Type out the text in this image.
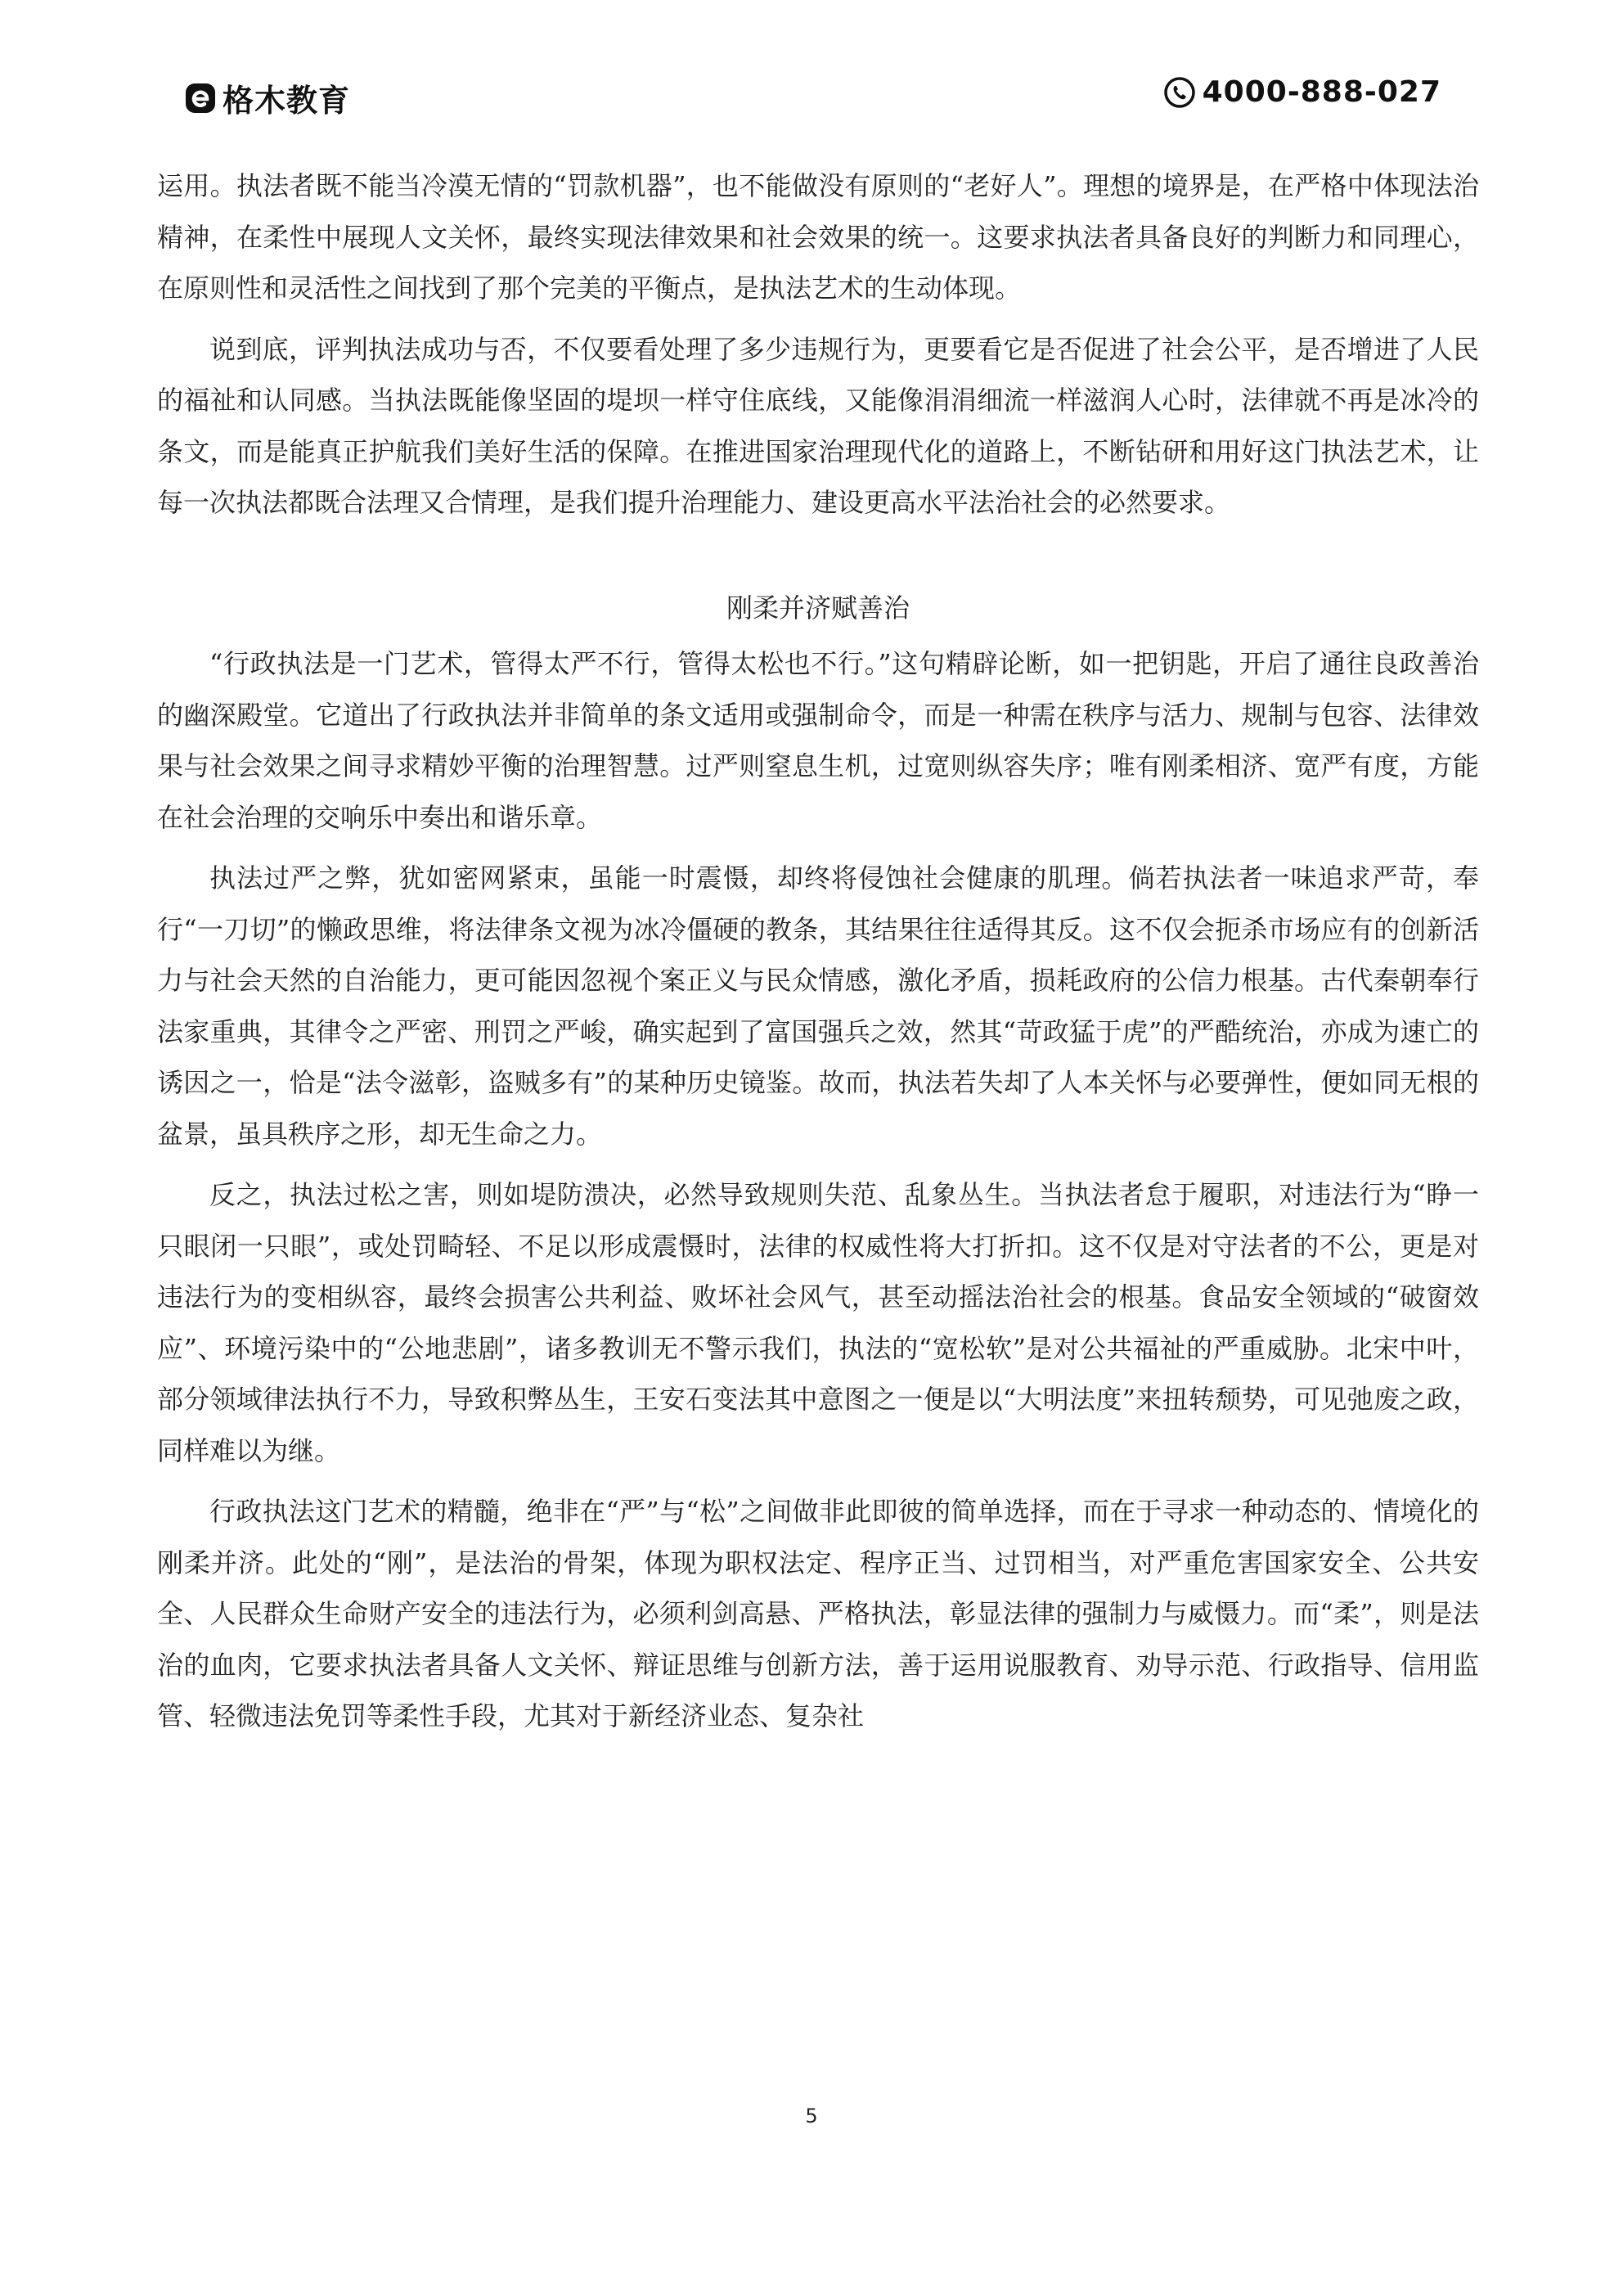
格木教育	4000-888-027

运用。执法者既不能当冷漠无情的“罚款机器”，也不能做没有原则的“老好人”。理想的境界是，在严格中体现法治精神，在柔性中展现人文关怀，最终实现法律效果和社会效果的统一。这要求执法者具备良好的判断力和同理心，在原则性和灵活性之间找到了那个完美的平衡点，是执法艺术的生动体现。

说到底，评判执法成功与否，不仅要看处理了多少违规行为，更要看它是否促进了社会公平，是否增进了人民的福祉和认同感。当执法既能像坚固的堤坝一样守住底线，又能像涓涓细流一样滋润人心时，法律就不再是冰冷的条文，而是能真正护航我们美好生活的保障。在推进国家治理现代化的道路上，不断钻研和用好这门执法艺术，让每一次执法都既合法理又合情理，是我们提升治理能力、建设更高水平法治社会的必然要求。

刚柔并济赋善治

“行政执法是一门艺术，管得太严不行，管得太松也不行。”这句精辟论断，如一把钥匙，开启了通往良政善治的幽深殿堂。它道出了行政执法并非简单的条文适用或强制命令，而是一种需在秩序与活力、规制与包容、法律效果与社会效果之间寻求精妙平衡的治理智慧。过严则窒息生机，过宽则纵容失序；唯有刚柔相济、宽严有度，方能在社会治理的交响乐中奏出和谐乐章。

执法过严之弊，犹如密网紧束，虽能一时震慑，却终将侵蚀社会健康的肌理。倘若执法者一味追求严苛，奉行“一刀切”的懒政思维，将法律条文视为冰冷僵硬的教条，其结果往往适得其反。这不仅会扼杀市场应有的创新活力与社会天然的自治能力，更可能因忽视个案正义与民众情感，激化矛盾，损耗政府的公信力根基。古代秦朝奉行法家重典，其律令之严密、刑罚之严峻，确实起到了富国强兵之效，然其“苛政猛于虎”的严酷统治，亦成为速亡的诱因之一，恰是“法令滋彰，盗贼多有”的某种历史镜鉴。故而，执法若失却了人本关怀与必要弹性，便如同无根的盆景，虽具秩序之形，却无生命之力。

反之，执法过松之害，则如堤防溃决，必然导致规则失范、乱象丛生。当执法者怠于履职，对违法行为“睁一只眼闭一只眼”，或处罚畸轻、不足以形成震慑时，法律的权威性将大打折扣。这不仅是对守法者的不公，更是对违法行为的变相纵容，最终会损害公共利益、败坏社会风气，甚至动摇法治社会的根基。食品安全领域的“破窗效应”、环境污染中的“公地悲剧”，诸多教训无不警示我们，执法的“宽松软”是对公共福祉的严重威胁。北宋中叶，部分领域律法执行不力，导致积弊丛生，王安石变法其中意图之一便是以“大明法度”来扭转颓势，可见弛废之政，同样难以为继。

行政执法这门艺术的精髓，绝非在“严”与“松”之间做非此即彼的简单选择，而在于寻求一种动态的、情境化的刚柔并济。此处的“刚”，是法治的骨架，体现为职权法定、程序正当、过罚相当，对严重危害国家安全、公共安全、人民群众生命财产安全的违法行为，必须利剑高悬、严格执法，彰显法律的强制力与威慑力。而“柔”，则是法治的血肉，它要求执法者具备人文关怀、辩证思维与创新方法，善于运用说服教育、劝导示范、行政指导、信用监管、轻微违法免罚等柔性手段，尤其对于新经济业态、复杂社

5
